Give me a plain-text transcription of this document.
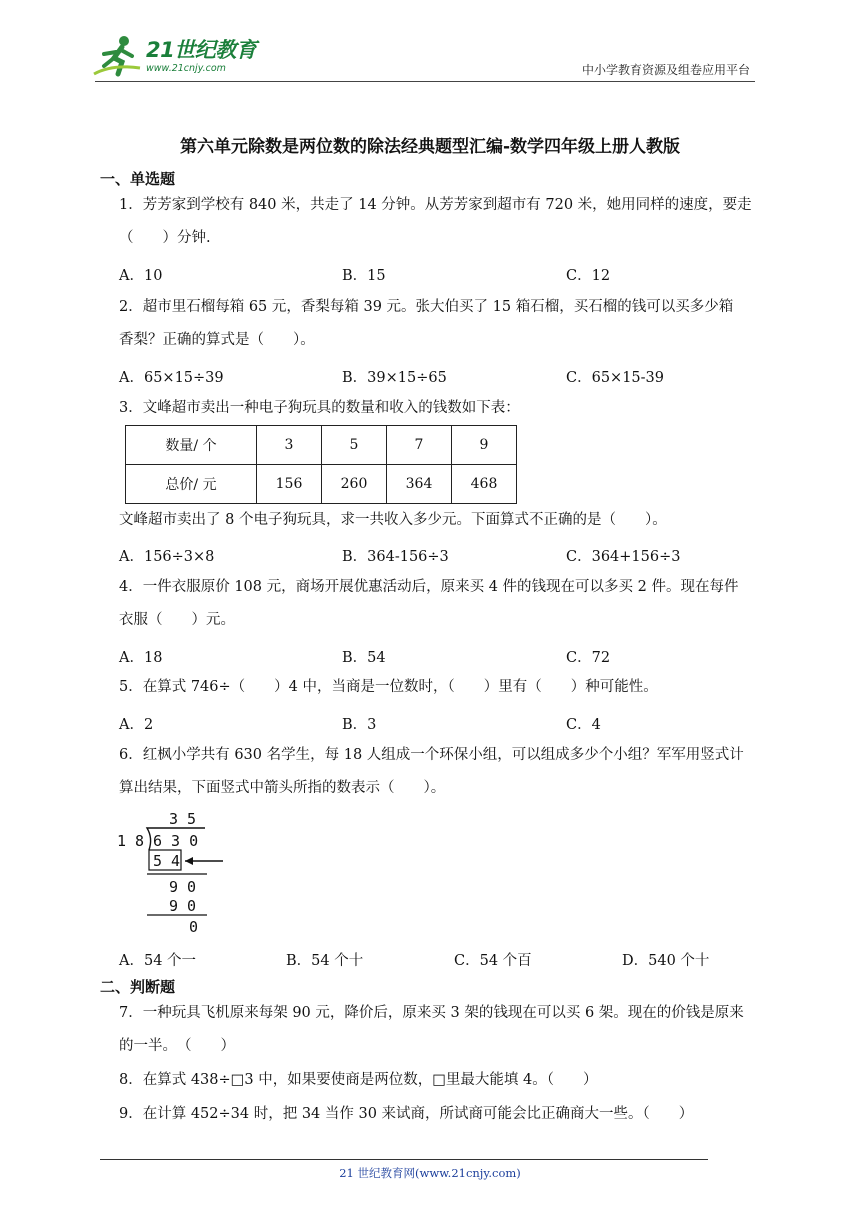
21世纪教育
www.21cnjy.com	中小学教育资源及组卷应用平台
第六单元除数是两位数的除法经典题型汇编-数学四年级上册人教版
一、单选题
1．芳芳家到学校有 840 米，共走了 14 分钟。从芳芳家到超市有 720 米，她用同样的速度，要走
（　　）分钟.
A．10	B．15	C．12
2．超市里石榴每箱 65 元，香梨每箱 39 元。张大伯买了 15 箱石榴，买石榴的钱可以买多少箱
香梨？正确的算式是（　　）。
A．65×15÷39	B．39×15÷65	C．65×15-39
3．文峰超市卖出一种电子狗玩具的数量和收入的钱数如下表：
数量/ 个	3	5	7	9
总价/ 元	156	260	364	468
文峰超市卖出了 8 个电子狗玩具，求一共收入多少元。下面算式不正确的是（　　）。
A．156÷3×8	B．364-156÷3	C．364+156÷3
4．一件衣服原价 108 元，商场开展优惠活动后，原来买 4 件的钱现在可以多买 2 件。现在每件
衣服（　　）元。
A．18	B．54	C．72
5．在算式 746÷（　　）4 中，当商是一位数时，（　　）里有（　　）种可能性。
A．2	B．3	C．4
6．红枫小学共有 630 名学生，每 18 人组成一个环保小组，可以组成多少个小组？军军用竖式计
算出结果，下面竖式中箭头所指的数表示（　　）。
3 5
1 8 6 3 0
5 4
9 0
9 0
0
A．54 个一	B．54 个十	C．54 个百	D．540 个十
二、判断题
7．一种玩具飞机原来每架 90 元，降价后，原来买 3 架的钱现在可以买 6 架。现在的价钱是原来
的一半。　（　　）
8．在算式 438÷□3 中，如果要使商是两位数，□里最大能填 4。（　　）
9．在计算 452÷34 时，把 34 当作 30 来试商，所试商可能会比正确商大一些。（　　）
21 世纪教育网(www.21cnjy.com)
